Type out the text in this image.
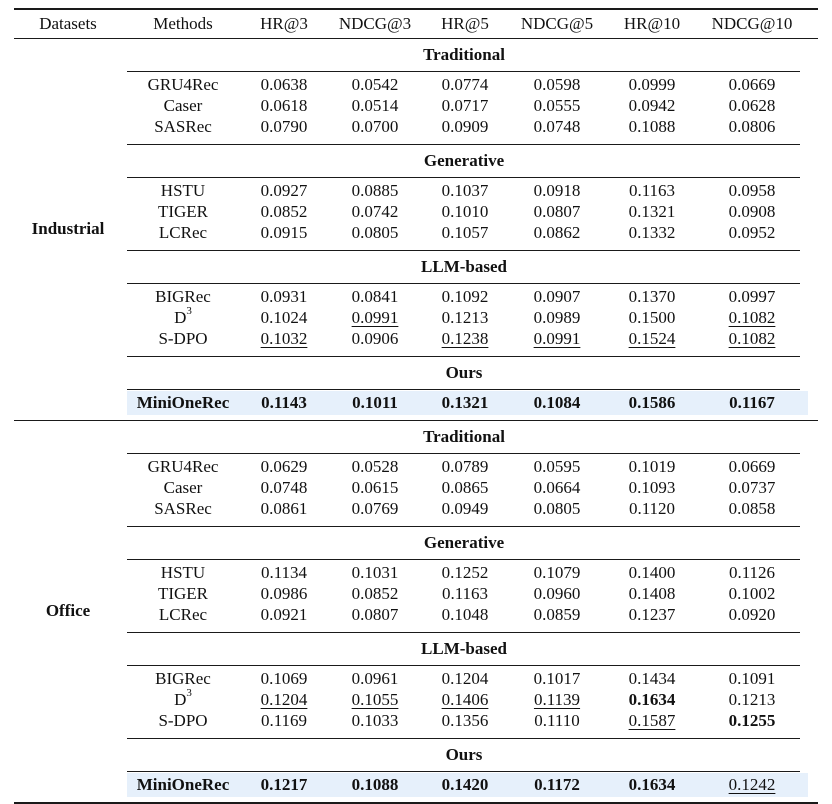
Datasets	Methods	HR@3 NDCG@3 HR@5 NDCG@5 HR@10 NDCG@10
Traditional
GRU4Rec 0.0638	0.0542	0.0774	0.0598	0.0999	0.0669
Caser	0.0618	0.0514	0.0717	0.0555	0.0942	0.0628
SASRec	0.0790	0.0700	0.0909	0.0748	0.1088	0.0806
Generative
HSTU	0.0927	0.0885	0.1037	0.0918	0.1163	0.0958
TIGER	0.0852	0.0742	0.1010	0.0807	0.1321	0.0908
LCRec	0.0915	0.0805	0.1057	0.0862	0.1332	0.0952
LLM-based
BIGRec	0.0931	0.0841	0.1092	0.0907	0.1370	0.0997
$D^3$	0.1024	0.0991	0.1213	0.0989	0.1500	0.1082
S-DPO	0.1032	0.0906	0.1238	0.0991	0.1524	0.1082
Ours
MiniOneRec 0.1143	0.1011	0.1321	0.1084	0.1586	0.1167
Industrial
Traditional
GRU4Rec 0.0629	0.0528	0.0789	0.0595	0.1019	0.0669
Caser	0.0748	0.0615	0.0865	0.0664	0.1093	0.0737
SASRec	0.0861	0.0769	0.0949	0.0805	0.1120	0.0858
Generative
HSTU	0.1134	0.1031	0.1252	0.1079	0.1400	0.1126
TIGER	0.0986	0.0852	0.1163	0.0960	0.1408	0.1002
LCRec	0.0921	0.0807	0.1048	0.0859	0.1237	0.0920
LLM-based
BIGRec	0.1069	0.0961	0.1204	0.1017	0.1434	0.1091
$D^3$	0.1204	0.1055	0.1406	0.1139	0.1634	0.1213
S-DPO	0.1169	0.1033	0.1356	0.1110	0.1587	0.1255
Ours
MiniOneRec 0.1217	0.1088	0.1420	0.1172	0.1634	0.1242
Office
